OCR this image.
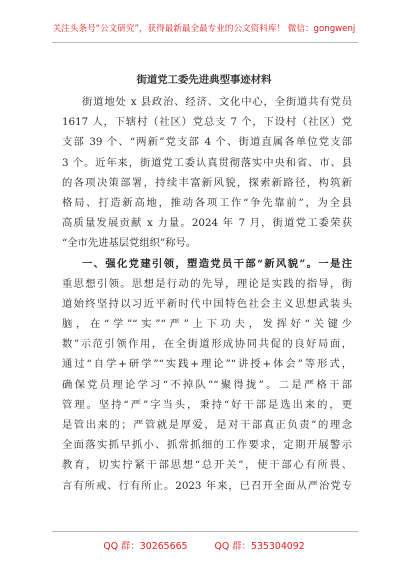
关注头条号“公文研究”，获得最新最全最专业的公文资料库！ 微信：gongwenj
街道党工委先进典型事迹材料
街道地处 x 县政治、经济、文化中心，全街道共有党员
1617 人，下辖村（社区）党总支 7 个，下设村（社区）党
支部 39 个、“两新”党支部 4 个、街道直属各单位党支部
3 个。近年来，街道党工委认真贯彻落实中央和省、市、县
的各项决策部署，持续丰富新风貌，探索新路径，构筑新
格局、打造新高地，推动各项工作“争先靠前”，为全县
高质量发展贡献 x 力量。2024 年 7 月，街道党工委荣获
“全市先进基层党组织”称号。
一、强化党建引领，塑造党员干部“新风貌”。一是注
重思想引领。思想是行动的先导，理论是实践的指导，街
道始终坚持以习近平新时代中国特色社会主义思想武装头
脑，在“学”“实”“严”上下功夫，发挥好“关键少
数”示范引领作用，在全街道形成协同共促的良好局面，
通过“自学+研学”“实践+理论”“讲授+体会”等形式，
确保党员理论学习“不掉队”“聚得拢”。二是严格干部
管理。坚持“严”字当头，秉持“好干部是选出来的，更
是管出来的；严管就是厚爱，是对干部真正负责”的理念
全面落实抓早抓小、抓常抓细的工作要求，定期开展警示
教育，切实拧紧干部思想“总开关”，使干部心有所畏、
言有所戒、行有所止。2023 年来，已召开全面从严治党专
QQ 群：30265665	QQ 群：535304092
